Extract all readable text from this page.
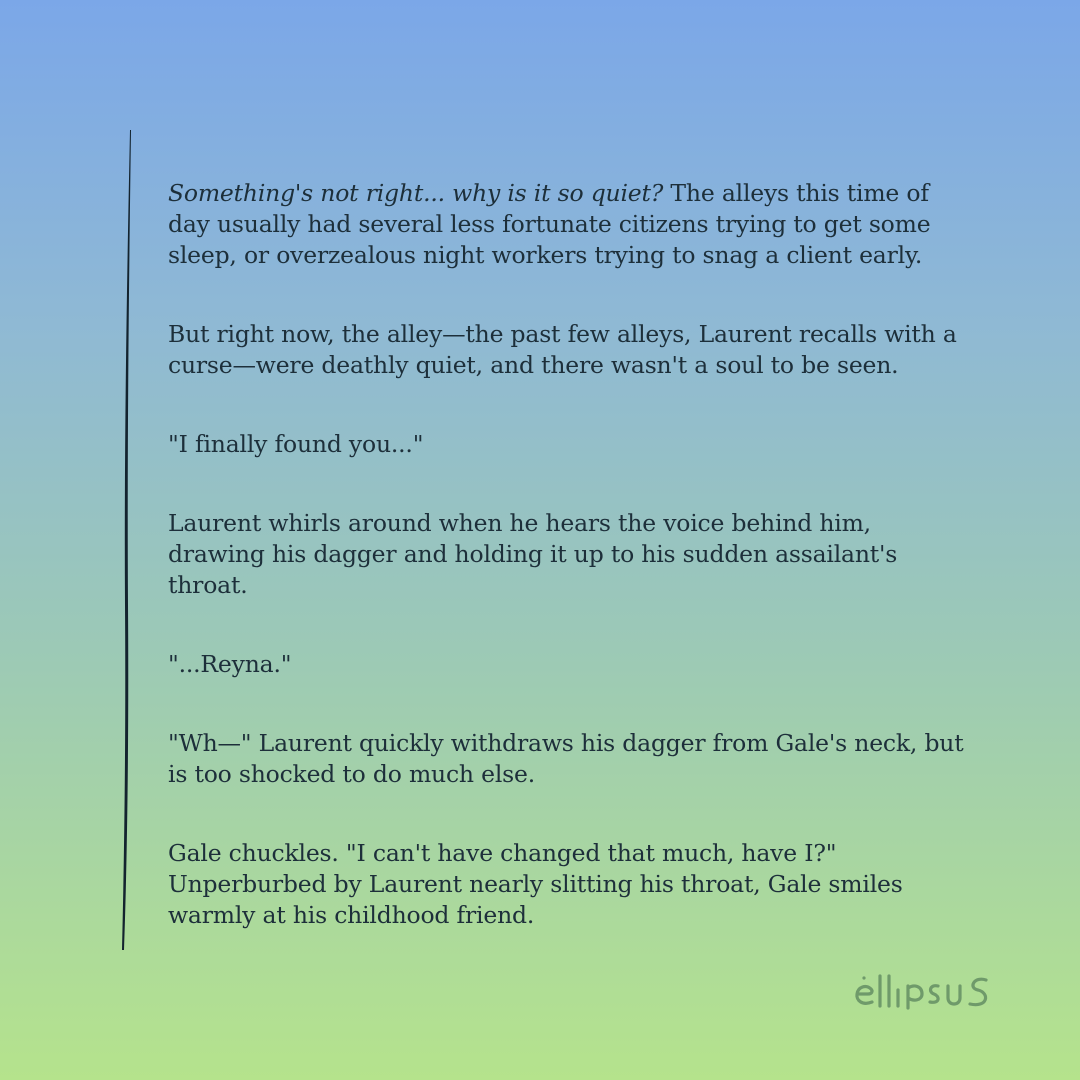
Something's not right... why is it so quiet? The alleys this time of day usually had several less fortunate citizens trying to get some sleep, or overzealous night workers trying to snag a client early.

But right now, the alley—the past few alleys, Laurent recalls with a curse—were deathly quiet, and there wasn't a soul to be seen.

"I finally found you..."

Laurent whirls around when he hears the voice behind him, drawing his dagger and holding it up to his sudden assailant's throat.

"...Reyna."

"Wh—" Laurent quickly withdraws his dagger from Gale's neck, but is too shocked to do much else.

Gale chuckles. "I can't have changed that much, have I?" Unperburbed by Laurent nearly slitting his throat, Gale smiles warmly at his childhood friend.
